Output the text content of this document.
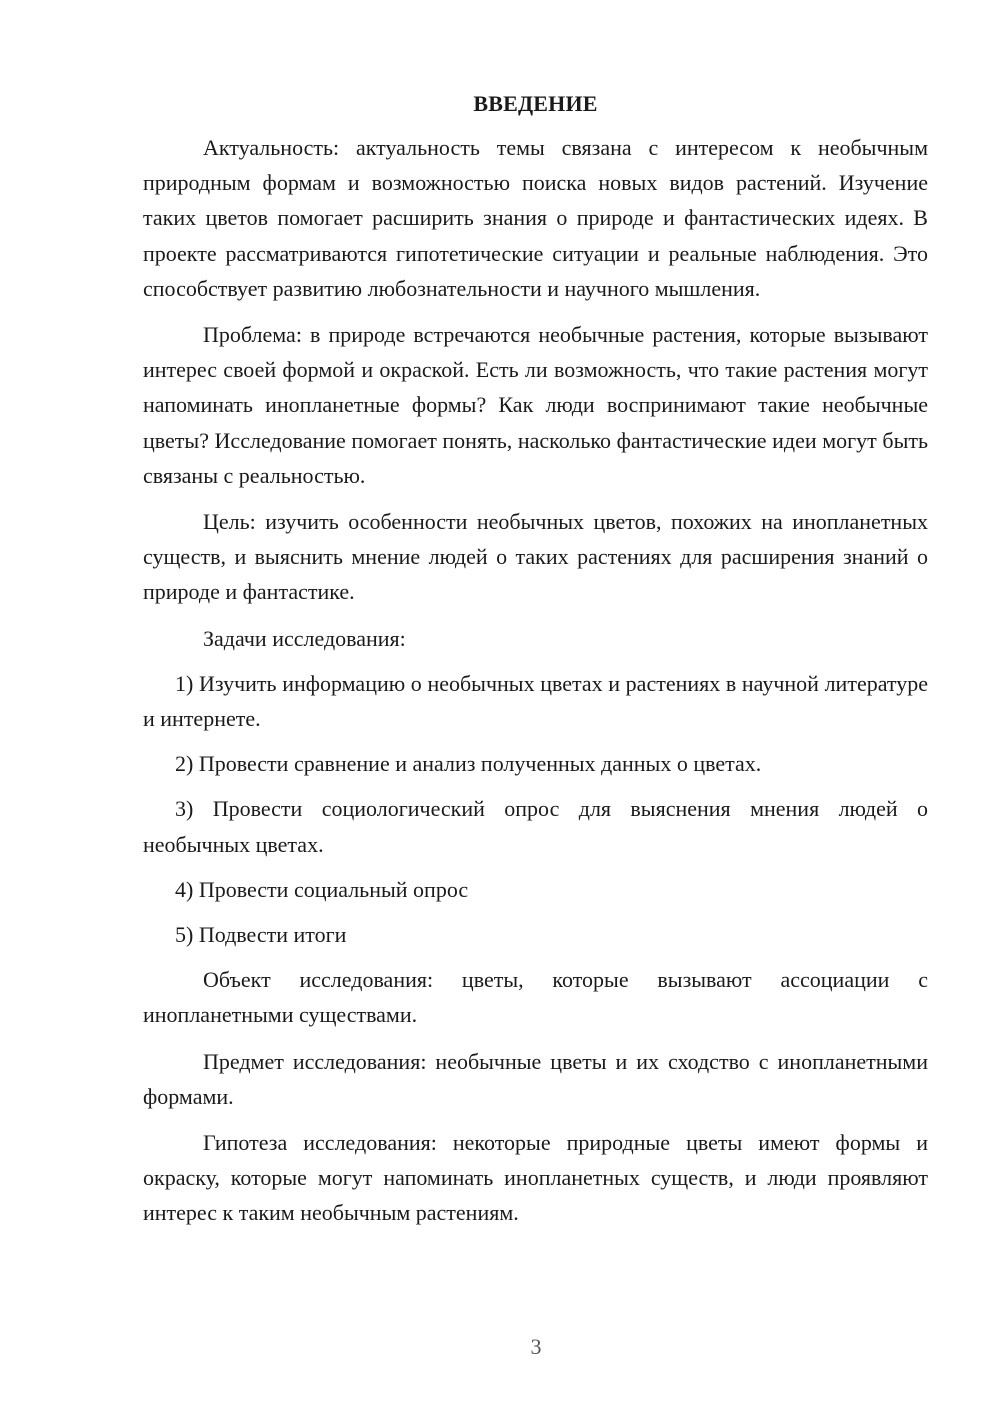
ВВЕДЕНИЕ

Актуальность: актуальность темы связана с интересом к необычным природным формам и возможностью поиска новых видов растений. Изучение таких цветов помогает расширить знания о природе и фантастических идеях. В проекте рассматриваются гипотетические ситуации и реальные наблюдения. Это способствует развитию любознательности и научного мышления.

Проблема: в природе встречаются необычные растения, которые вызывают интерес своей формой и окраской. Есть ли возможность, что такие растения могут напоминать инопланетные формы? Как люди воспринимают такие необычные цветы? Исследование помогает понять, насколько фантастические идеи могут быть связаны с реальностью.

Цель: изучить особенности необычных цветов, похожих на инопланетных существ, и выяснить мнение людей о таких растениях для расширения знаний о природе и фантастике.

Задачи исследования:

1) Изучить информацию о необычных цветах и растениях в научной литературе и интернете.

2) Провести сравнение и анализ полученных данных о цветах.

3) Провести социологический опрос для выяснения мнения людей о необычных цветах.

4) Провести социальный опрос

5) Подвести итоги

Объект исследования: цветы, которые вызывают ассоциации с инопланетными существами.

Предмет исследования: необычные цветы и их сходство с инопланетными формами.

Гипотеза исследования: некоторые природные цветы имеют формы и окраску, которые могут напоминать инопланетных существ, и люди проявляют интерес к таким необычным растениям.

3
